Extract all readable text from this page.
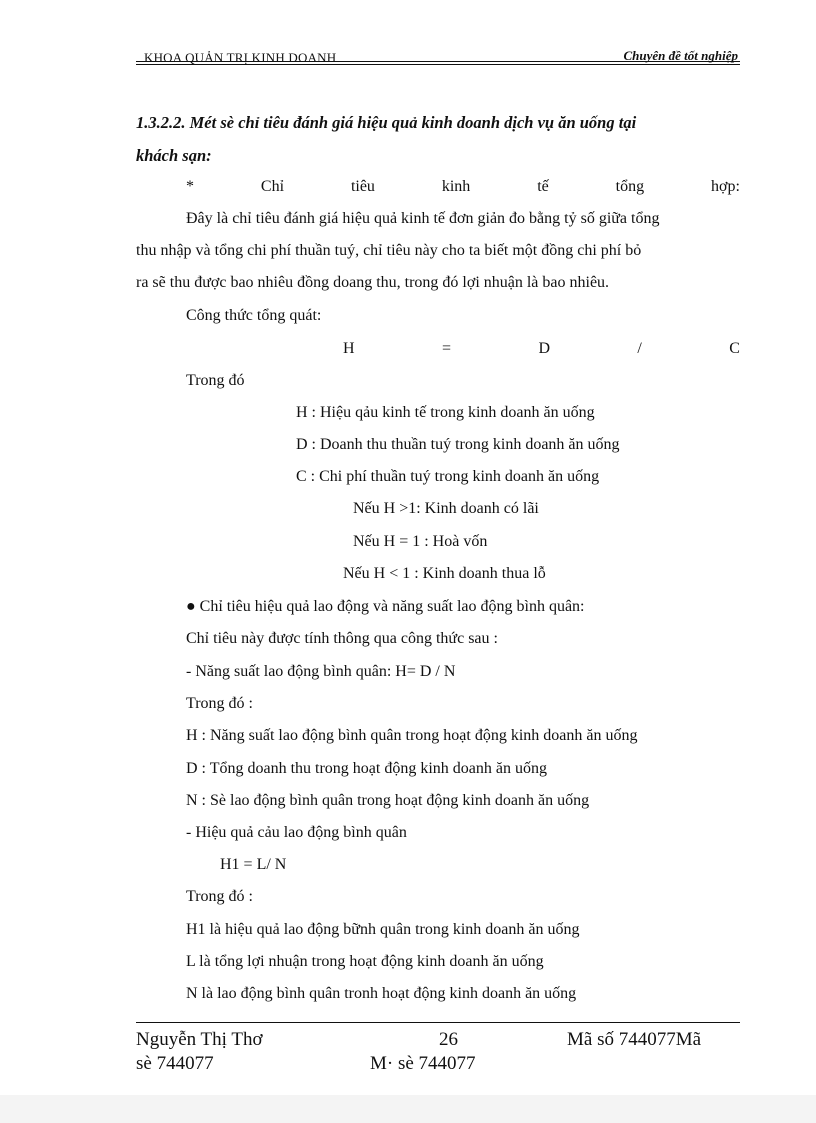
KHOA QUẢN TRỊ KINH DOANH	Chuyên đề tốt nghiệp
1.3.2.2. Mét sè chỉ tiêu đánh giá hiệu quả kinh doanh dịch vụ ăn uống tại
khách sạn:
*	Chỉ	tiêu	kinh	tế	tổng	hợp:
Đây là chỉ tiêu đánh giá hiệu quả kinh tế đơn giản đo bằng tỷ số giữa tổng
thu nhập và tổng chi phí thuần tuý, chỉ tiêu này cho ta biết một đồng chi phí bỏ
ra sẽ thu được bao nhiêu đồng doang thu, trong đó lợi nhuận là bao nhiêu.
Công thức tổng quát:
H	=	D	/	C
Trong đó
H : Hiệu qảu kinh tế trong kinh doanh ăn uống
D : Doanh thu thuần tuý trong kinh doanh ăn uống
C : Chi phí thuần tuý trong kinh doanh ăn uống
Nếu H >1: Kinh doanh có lãi
Nếu H = 1 : Hoà vốn
Nếu H < 1 : Kinh doanh thua lỗ
● Chỉ tiêu hiệu quả lao động và năng suất lao động bình quân:
Chỉ tiêu này được tính thông qua công thức sau :
- Năng suất lao động bình quân: H= D / N
Trong đó :
H : Năng suất lao động bình quân trong hoạt động kinh doanh ăn uống
D : Tổng doanh thu trong hoạt động kinh doanh ăn uống
N : Sè lao động bình quân trong hoạt động kinh doanh ăn uống
- Hiệu quả cảu lao động bình quân
H1 = L/ N
Trong đó :
H1 là hiệu quả lao động bữnh quân trong kinh doanh ăn uống
L là tổng lợi nhuận trong hoạt động kinh doanh ăn uống
N là lao động bình quân tronh hoạt động kinh doanh ăn uống
Nguyễn Thị Thơ
sè 744077
26
M· sè 744077
Mã số 744077Mã
